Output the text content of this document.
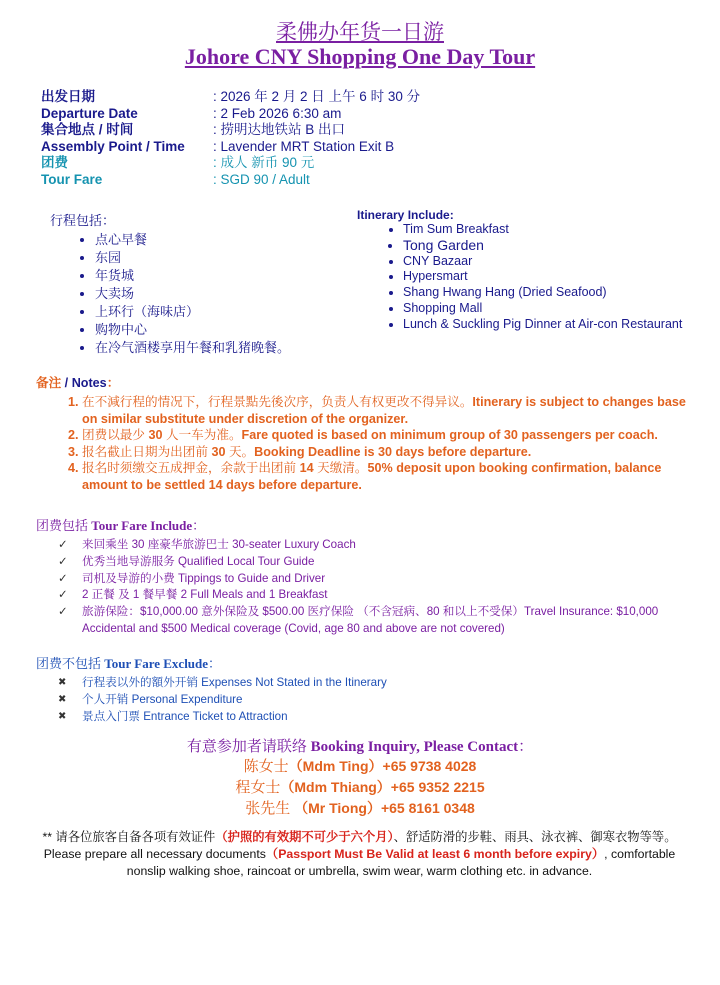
柔佛办年货一日游
Johore CNY Shopping One Day Tour
出发日期	: 2026 年 2 月 2 日 上午 6 时 30 分
Departure Date	: 2 Feb 2026 6:30 am
集合地点 / 时间	: 捞明达地铁站 B 出口
Assembly Point / Time	: Lavender MRT Station Exit B
团费	: 成人 新币 90 元
Tour Fare	: SGD 90 / Adult
行程包括：
• 点心早餐
• 东园
• 年货城
• 大卖场
• 上环行（海味店）
• 购物中心
• 在冷气酒楼享用午餐和乳猪晚餐。
Itinerary Include:
• Tim Sum Breakfast
• Tong Garden
• CNY Bazaar
• Hypersmart
• Shang Hwang Hang (Dried Seafood)
• Shopping Mall
• Lunch & Suckling Pig Dinner at Air-con Restaurant
备注 / Notes：
1. 在不減行程的情况下，行程景點先後次序，负责人有权更改不得异议。Itinerary is subject to changes base on similar substitute under discretion of the organizer.
2. 团费以最少 30 人一车为准。Fare quoted is based on minimum group of 30 passengers per coach.
3. 报名截止日期为出团前 30 天。Booking Deadline is 30 days before departure.
4. 报名时须缴交五成押金，余款于出团前 14 天缴清。50% deposit upon booking confirmation, balance amount to be settled 14 days before departure.
团费包括 Tour Fare Include：
✓ 来回乘坐 30 座豪华旅游巴士 30-seater Luxury Coach
✓ 优秀当地导游服务 Qualified Local Tour Guide
✓ 司机及导游的小费 Tippings to Guide and Driver
✓ 2 正餐 及 1 餐早餐 2 Full Meals and 1 Breakfast
✓ 旅游保险：$10,000.00 意外保险及 $500.00 医疗保险 （不含冠病、80 和以上不受保）Travel Insurance: $10,000 Accidental and $500 Medical coverage (Covid, age 80 and above are not covered)
团费不包括 Tour Fare Exclude：
✖ 行程表以外的額外开销 Expenses Not Stated in the Itinerary
✖ 个人开销 Personal Expenditure
✖ 景点入门票 Entrance Ticket to Attraction
有意参加者请联络 Booking Inquiry, Please Contact：
陈女士（Mdm Ting）+65 9738 4028
程女士（Mdm Thiang）+65 9352 2215
张先生 （Mr Tiong）+65 8161 0348
** 请各位旅客自备各项有效证件（护照的有效期不可少于六个月）、舒适防滑的步鞋、雨具、泳衣裤、御寒衣物等等。Please prepare all necessary documents（Passport Must Be Valid at least 6 month before expiry）, comfortable nonslip walking shoe, raincoat or umbrella, swim wear, warm clothing etc. in advance.
